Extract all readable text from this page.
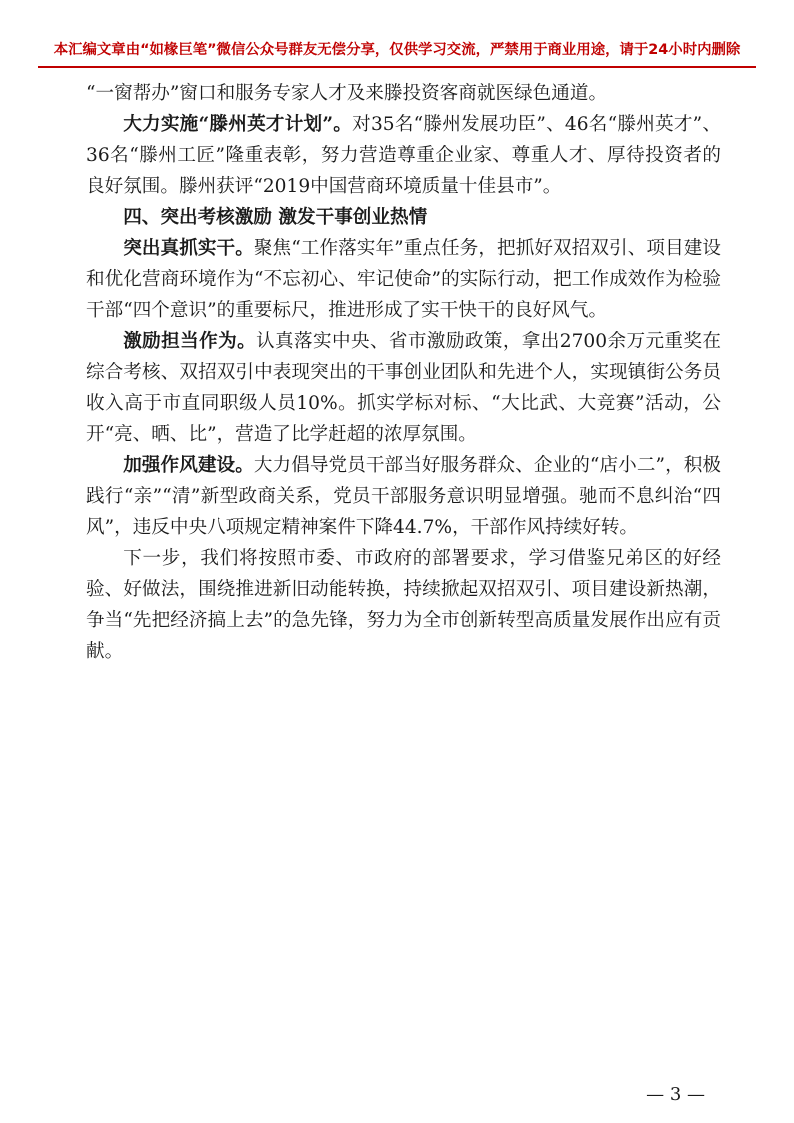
本汇编文章由“如椽巨笔”微信公众号群友无偿分享，仅供学习交流，严禁用于商业用途，请于24小时内删除

“一窗帮办”窗口和服务专家人才及来滕投资客商就医绿色通道。

大力实施“滕州英才计划”。对35名“滕州发展功臣”、46名“滕州英才”、36名“滕州工匠”隆重表彰，努力营造尊重企业家、尊重人才、厚待投资者的良好氛围。滕州获评“2019中国营商环境质量十佳县市”。

四、突出考核激励 激发干事创业热情

突出真抓实干。聚焦“工作落实年”重点任务，把抓好双招双引、项目建设和优化营商环境作为“不忘初心、牢记使命”的实际行动，把工作成效作为检验干部“四个意识”的重要标尺，推进形成了实干快干的良好风气。

激励担当作为。认真落实中央、省市激励政策，拿出2700余万元重奖在综合考核、双招双引中表现突出的干事创业团队和先进个人，实现镇街公务员收入高于市直同职级人员10%。抓实学标对标、“大比武、大竞赛”活动，公开“亮、晒、比”，营造了比学赶超的浓厚氛围。

加强作风建设。大力倡导党员干部当好服务群众、企业的“店小二”，积极践行“亲”“清”新型政商关系，党员干部服务意识明显增强。驰而不息纠治“四风”，违反中央八项规定精神案件下降44.7%，干部作风持续好转。

下一步，我们将按照市委、市政府的部署要求，学习借鉴兄弟区的好经验、好做法，围绕推进新旧动能转换，持续掀起双招双引、项目建设新热潮，争当“先把经济搞上去”的急先锋，努力为全市创新转型高质量发展作出应有贡献。

— 3 —
